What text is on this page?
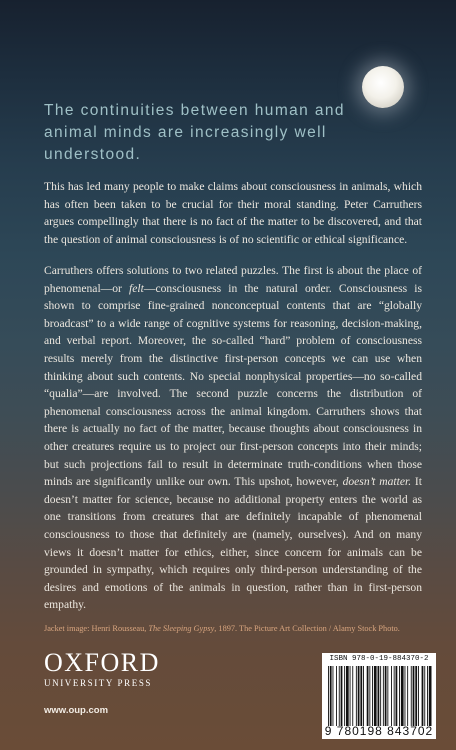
The continuities between human and animal minds are increasingly well understood.
This has led many people to make claims about consciousness in animals, which has often been taken to be crucial for their moral standing. Peter Carruthers argues compellingly that there is no fact of the matter to be discovered, and that the question of animal consciousness is of no scientific or ethical significance.
Carruthers offers solutions to two related puzzles. The first is about the place of phenomenal—or felt—consciousness in the natural order. Consciousness is shown to comprise fine-grained nonconceptual contents that are “globally broadcast” to a wide range of cognitive systems for reasoning, decision-making, and verbal report. Moreover, the so-called “hard” problem of consciousness results merely from the distinctive first-person concepts we can use when thinking about such contents. No special nonphysical properties—no so-called “qualia”—are involved. The second puzzle concerns the distribution of phenomenal consciousness across the animal kingdom. Carruthers shows that there is actually no fact of the matter, because thoughts about consciousness in other creatures require us to project our first-person concepts into their minds; but such projections fail to result in determinate truth-conditions when those minds are significantly unlike our own. This upshot, however, doesn’t matter. It doesn’t matter for science, because no additional property enters the world as one transitions from creatures that are definitely incapable of phenomenal consciousness to those that definitely are (namely, ourselves). And on many views it doesn’t matter for ethics, either, since concern for animals can be grounded in sympathy, which requires only third-person understanding of the desires and emotions of the animals in question, rather than in first-person empathy.
Jacket image: Henri Rousseau, The Sleeping Gypsy, 1897. The Picture Art Collection / Alamy Stock Photo.
OXFORD
UNIVERSITY PRESS
www.oup.com
ISBN 978-0-19-884370-2
9 780198 843702
